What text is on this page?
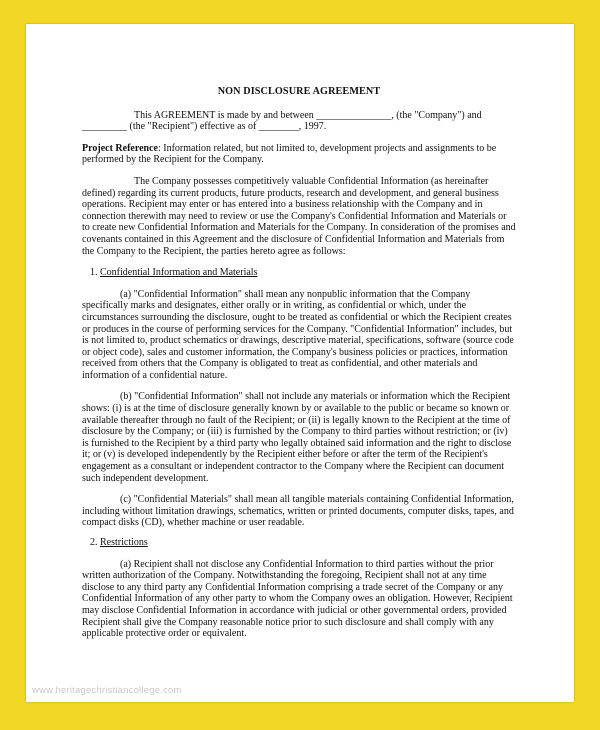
NON DISCLOSURE AGREEMENT

This AGREEMENT is made by and between _______________, (the "Company") and _________ (the "Recipient") effective as of ________, 1997.

Project Reference: Information related, but not limited to, development projects and assignments to be performed by the Recipient for the Company.

The Company possesses competitively valuable Confidential Information (as hereinafter defined) regarding its current products, future products, research and development, and general business operations. Recipient may enter or has entered into a business relationship with the Company and in connection therewith may need to review or use the Company's Confidential Information and Materials or to create new Confidential Information and Materials for the Company. In consideration of the promises and covenants contained in this Agreement and the disclosure of Confidential Information and Materials from the Company to the Recipient, the parties hereto agree as follows:

1. Confidential Information and Materials

(a) "Confidential Information" shall mean any nonpublic information that the Company specifically marks and designates, either orally or in writing, as confidential or which, under the circumstances surrounding the disclosure, ought to be treated as confidential or which the Recipient creates or produces in the course of performing services for the Company. "Confidential Information" includes, but is not limited to, product schematics or drawings, descriptive material, specifications, software (source code or object code), sales and customer information, the Company's business policies or practices, information received from others that the Company is obligated to treat as confidential, and other materials and information of a confidential nature.

(b) "Confidential Information" shall not include any materials or information which the Recipient shows: (i) is at the time of disclosure generally known by or available to the public or became so known or available thereafter through no fault of the Recipient; or (ii) is legally known to the Recipient at the time of disclosure by the Company; or (iii) is furnished by the Company to third parties without restriction; or (iv) is furnished to the Recipient by a third party who legally obtained said information and the right to disclose it; or (v) is developed independently by the Recipient either before or after the term of the Recipient's engagement as a consultant or independent contractor to the Company where the Recipient can document such independent development.

(c) "Confidential Materials" shall mean all tangible materials containing Confidential Information, including without limitation drawings, schematics, written or printed documents, computer disks, tapes, and compact disks (CD), whether machine or user readable.

2. Restrictions

(a) Recipient shall not disclose any Confidential Information to third parties without the prior written authorization of the Company. Notwithstanding the foregoing, Recipient shall not at any time disclose to any third party any Confidential Information comprising a trade secret of the Company or any Confidential Information of any other party to whom the Company owes an obligation. However, Recipient may disclose Confidential Information in accordance with judicial or other governmental orders, provided Recipient shall give the Company reasonable notice prior to such disclosure and shall comply with any applicable protective order or equivalent.

www.heritagechristiancollege.com
